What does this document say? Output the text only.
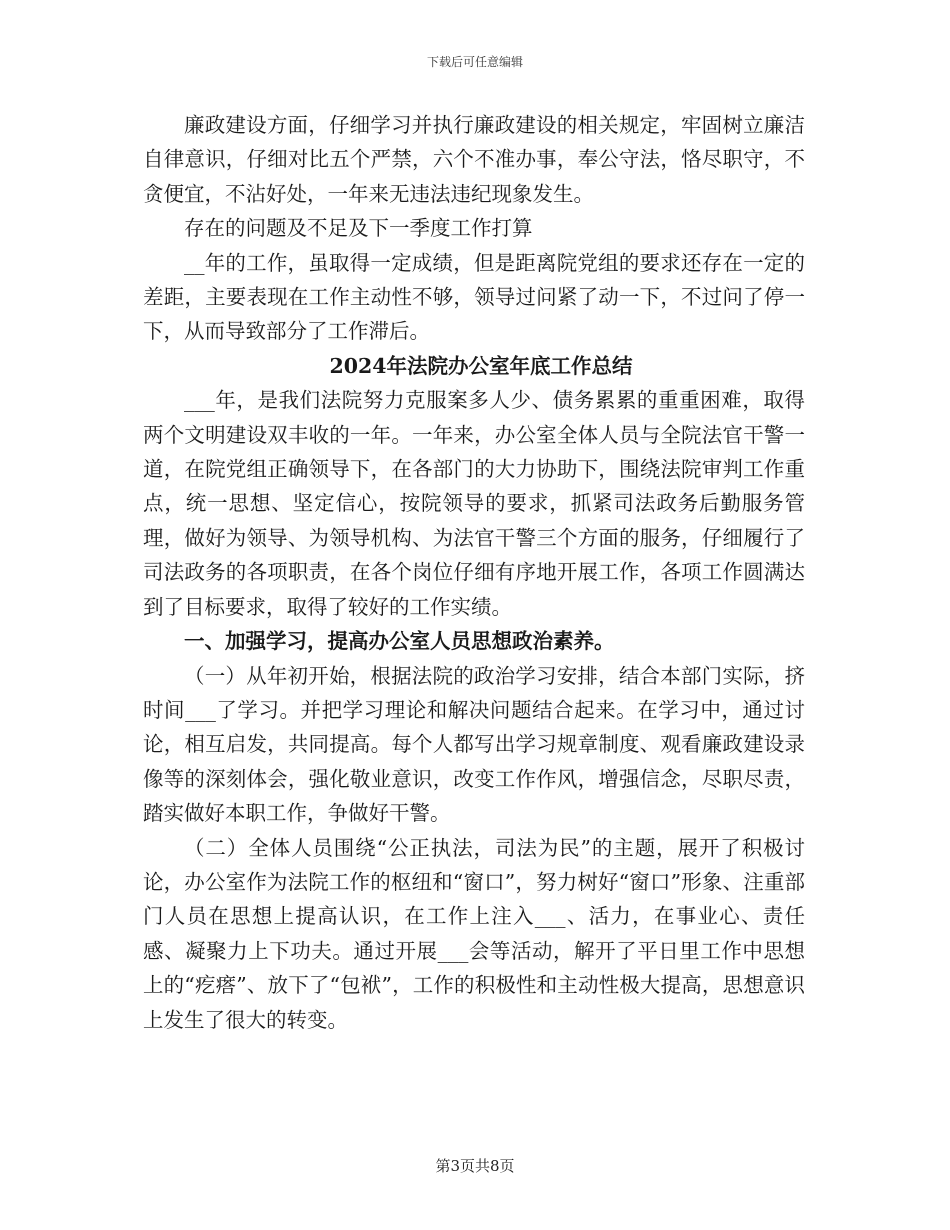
下载后可任意编辑

廉政建设方面，仔细学习并执行廉政建设的相关规定，牢固树立廉洁自律意识，仔细对比五个严禁，六个不准办事，奉公守法，恪尽职守，不贪便宜，不沾好处，一年来无违法违纪现象发生。

存在的问题及不足及下一季度工作打算

__年的工作，虽取得一定成绩，但是距离院党组的要求还存在一定的差距，主要表现在工作主动性不够，领导过问紧了动一下，不过问了停一下，从而导致部分了工作滞后。

2024年法院办公室年底工作总结

___年，是我们法院努力克服案多人少、债务累累的重重困难，取得两个文明建设双丰收的一年。一年来，办公室全体人员与全院法官干警一道，在院党组正确领导下，在各部门的大力协助下，围绕法院审判工作重点，统一思想、坚定信心，按院领导的要求，抓紧司法政务后勤服务管理，做好为领导、为领导机构、为法官干警三个方面的服务，仔细履行了司法政务的各项职责，在各个岗位仔细有序地开展工作，各项工作圆满达到了目标要求，取得了较好的工作实绩。

一、加强学习，提高办公室人员思想政治素养。

（一）从年初开始，根据法院的政治学习安排，结合本部门实际，挤时间___了学习。并把学习理论和解决问题结合起来。在学习中，通过讨论，相互启发，共同提高。每个人都写出学习规章制度、观看廉政建设录像等的深刻体会，强化敬业意识，改变工作作风，增强信念，尽职尽责，踏实做好本职工作，争做好干警。

（二）全体人员围绕“公正执法，司法为民”的主题，展开了积极讨论，办公室作为法院工作的枢纽和“窗口”，努力树好“窗口”形象、注重部门人员在思想上提高认识，在工作上注入___、活力，在事业心、责任感、凝聚力上下功夫。通过开展___会等活动，解开了平日里工作中思想上的“疙瘩”、放下了“包袱”，工作的积极性和主动性极大提高，思想意识上发生了很大的转变。

第3页共8页
